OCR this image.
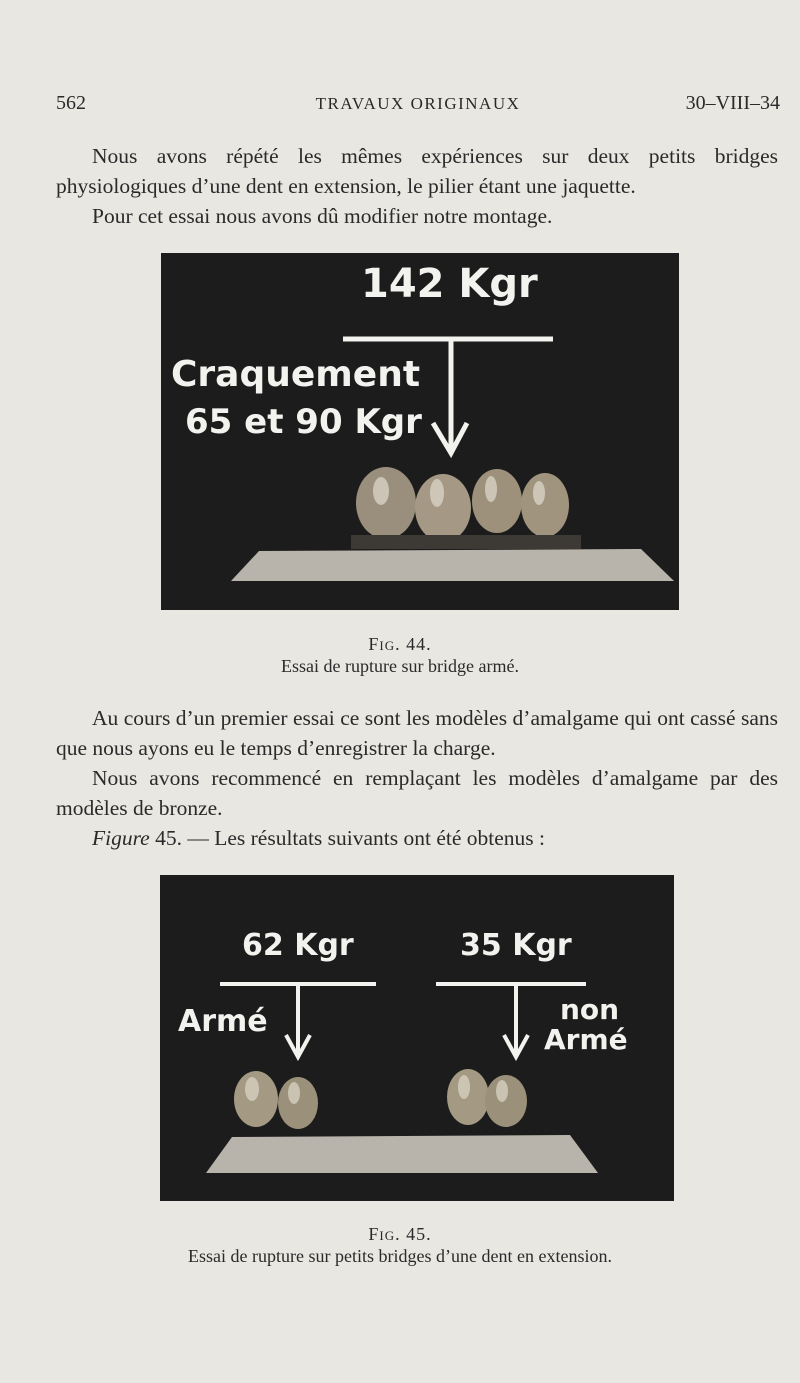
562	TRAVAUX ORIGINAUX	30–VIII–34

Nous avons répété les mêmes expériences sur deux petits bridges physiologiques d’une dent en extension, le pilier étant une jaquette.

Pour cet essai nous avons dû modifier notre montage.

142 Kgr
Craquement
65 et 90 Kgr
Fig. 44.
Essai de rupture sur bridge armé.

Au cours d’un premier essai ce sont les modèles d’amalgame qui ont cassé sans que nous ayons eu le temps d’enregistrer la charge.

Nous avons recommencé en remplaçant les modèles d’amalgame par des modèles de bronze.

Figure 45. — Les résultats suivants ont été obtenus :

62 Kgr
Armé
35 Kgr
non
Armé
Fig. 45.
Essai de rupture sur petits bridges d’une dent en extension.
